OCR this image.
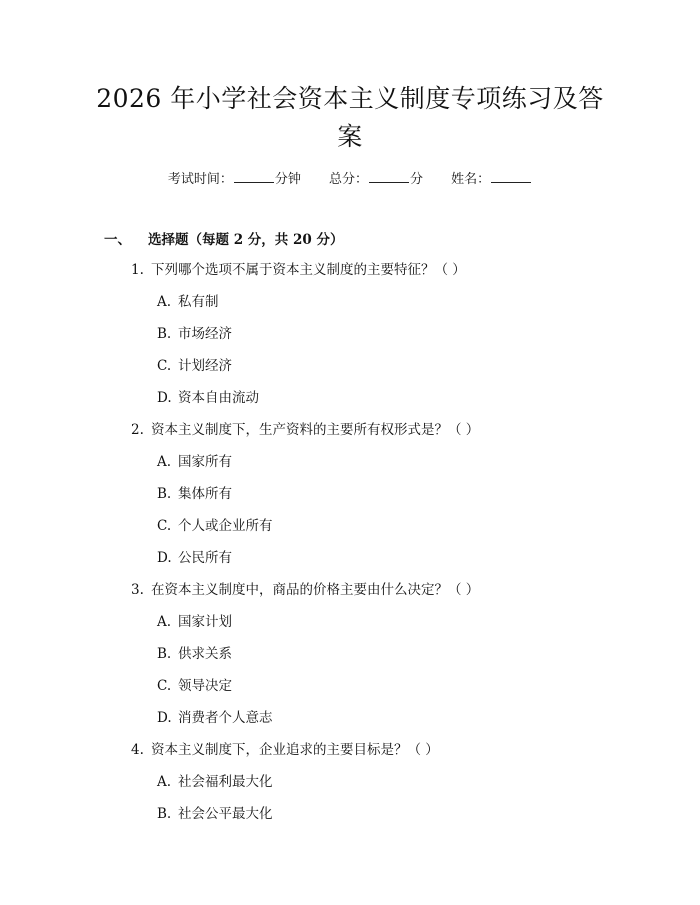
2026 年小学社会资本主义制度专项练习及答
案
考试时间：	分钟 总分：	分 姓名：
一、 选择题（每题 2 分，共 20 分）
1. 下列哪个选项不属于资本主义制度的主要特征？（ ）
A. 私有制
B. 市场经济
C. 计划经济
D. 资本自由流动
2. 资本主义制度下，生产资料的主要所有权形式是？（ ）
A. 国家所有
B. 集体所有
C. 个人或企业所有
D. 公民所有
3. 在资本主义制度中，商品的价格主要由什么决定？（ ）
A. 国家计划
B. 供求关系
C. 领导决定
D. 消费者个人意志
4. 资本主义制度下，企业追求的主要目标是？（ ）
A. 社会福利最大化
B. 社会公平最大化
